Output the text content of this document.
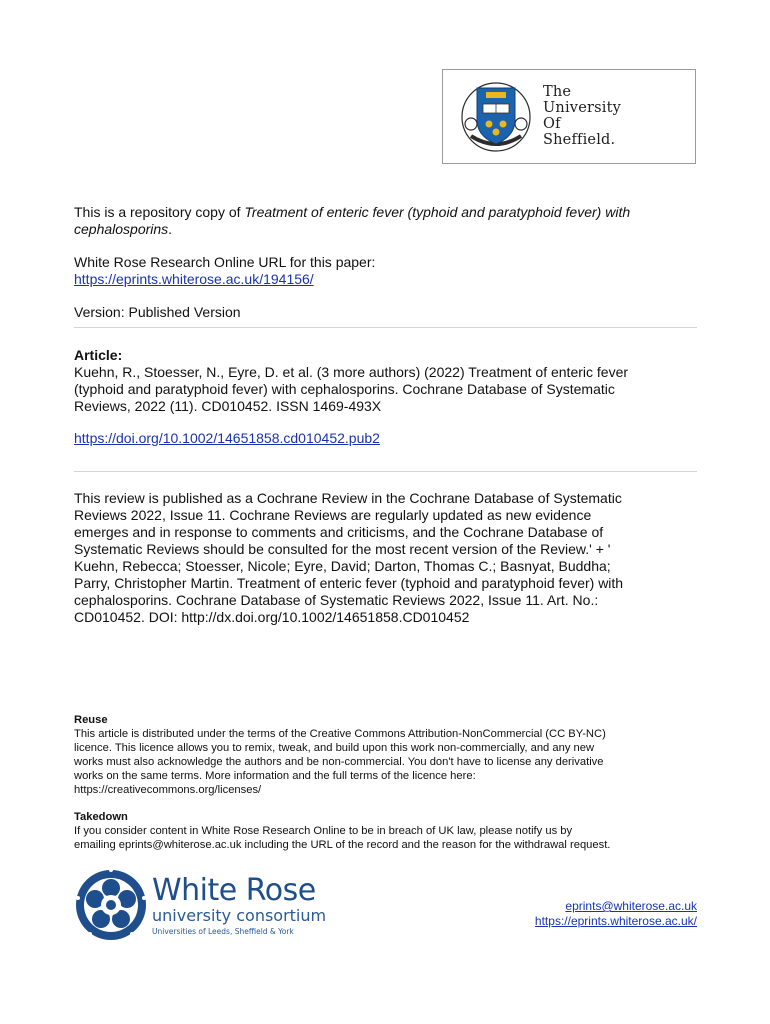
The
University
Of
Sheffield.
This is a repository copy of Treatment of enteric fever (typhoid and paratyphoid fever) with
cephalosporins.
White Rose Research Online URL for this paper:
https://eprints.whiterose.ac.uk/194156/
Version: Published Version
Article:
Kuehn, R., Stoesser, N., Eyre, D. et al. (3 more authors) (2022) Treatment of enteric fever
(typhoid and paratyphoid fever) with cephalosporins. Cochrane Database of Systematic
Reviews, 2022 (11). CD010452. ISSN 1469-493X
https://doi.org/10.1002/14651858.cd010452.pub2
This review is published as a Cochrane Review in the Cochrane Database of Systematic
Reviews 2022, Issue 11. Cochrane Reviews are regularly updated as new evidence
emerges and in response to comments and criticisms, and the Cochrane Database of
Systematic Reviews should be consulted for the most recent version of the Review.' + '
Kuehn, Rebecca; Stoesser, Nicole; Eyre, David; Darton, Thomas C.; Basnyat, Buddha;
Parry, Christopher Martin. Treatment of enteric fever (typhoid and paratyphoid fever) with
cephalosporins. Cochrane Database of Systematic Reviews 2022, Issue 11. Art. No.:
CD010452. DOI: http://dx.doi.org/10.1002/14651858.CD010452
Reuse
This article is distributed under the terms of the Creative Commons Attribution-NonCommercial (CC BY-NC)
licence. This licence allows you to remix, tweak, and build upon this work non-commercially, and any new
works must also acknowledge the authors and be non-commercial. You don't have to license any derivative
works on the same terms. More information and the full terms of the licence here:
https://creativecommons.org/licenses/
Takedown
If you consider content in White Rose Research Online to be in breach of UK law, please notify us by
emailing eprints@whiterose.ac.uk including the URL of the record and the reason for the withdrawal request.
White Rose
university consortium
Universities of Leeds, Sheffield & York
eprints@whiterose.ac.uk
https://eprints.whiterose.ac.uk/
